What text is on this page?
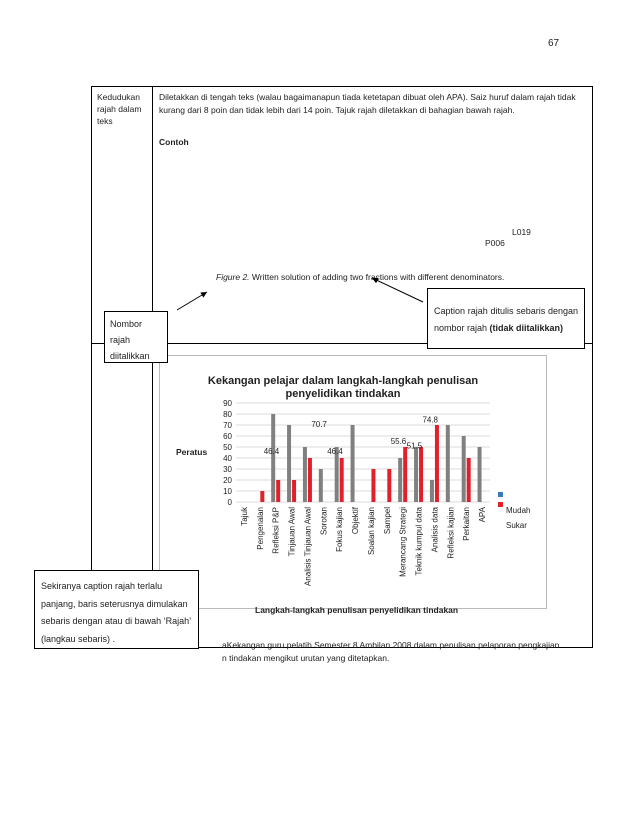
67
Kedudukan rajah dalam teks
Diletakkan di tengah teks (walau bagaimanapun tiada ketetapan dibuat oleh APA). Saiz huruf dalam rajah tidak kurang dari 8 poin dan tidak lebih dari 14 poin. Tajuk rajah diletakkan di bahagian bawah rajah.
Contoh
L019
P006
Figure 2. Written solution of adding two fractions with different denominators.
Kekangan pelajar dalam langkah-langkah penulisan penyelidikan tindakan
Peratus
0
10
20
30
40
50
60
70
80
90
Tajuk Pengenalan Refleksi P&P Tinjauan Awal Analisis Tinjauan Awal Sorotan Fokus kajian Objektif Soalan kajian Sampel Merancang Strategi Teknik kumpul data Analisis data Refleksi kajian Perkaitan APA
46.4
70.7
46.4
55.6
51.5
74.8
Mudah
Sukar
Langkah-langkah penulisan penyelidikan tindakan
Nombor rajah diitalikkan
Caption rajah ditulis sebaris dengan nombor rajah (tidak diitalikkan)
Sekiranya caption rajah terlalu panjang, baris seterusnya dimulakan sebaris dengan atau di bawah ‘Rajah’ (langkau sebaris) .
aKekangan guru pelatih Semester 8 Ambilan 2008 dalam penulisan pelaporan pengkajian n tindakan mengikut urutan yang ditetapkan.
